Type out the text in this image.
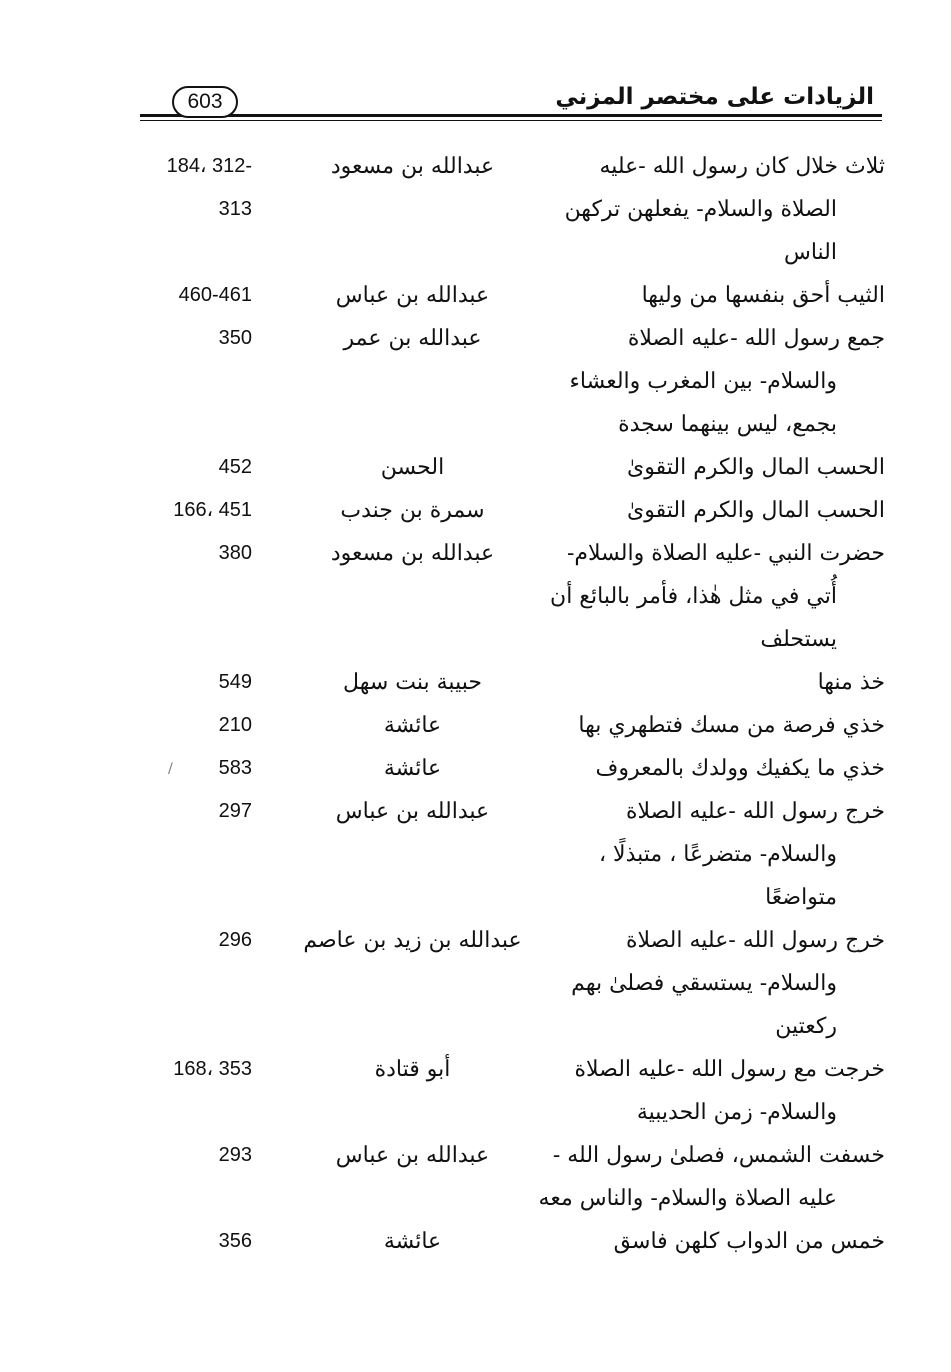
الزيادات على مختصر المزني
603
ثلاث خلال كان رسول الله -عليه
الصلاة والسلام- يفعلهن تركهن
الناس
عبدالله بن مسعود
184، 312-
313
الثيب أحق بنفسها من وليها
عبدالله بن عباس
460-461
جمع رسول الله -عليه الصلاة
والسلام- بين المغرب والعشاء
بجمع، ليس بينهما سجدة
عبدالله بن عمر
350
الحسب المال والكرم التقوىٰ
الحسن
452
الحسب المال والكرم التقوىٰ
سمرة بن جندب
166، 451
حضرت النبي -عليه الصلاة والسلام-
أُتي في مثل هٰذا، فأمر بالبائع أن
يستحلف
عبدالله بن مسعود
380
خذ منها
حبيبة بنت سهل
549
خذي فرصة من مسك فتطهري بها
عائشة
210
خذي ما يكفيك وولدك بالمعروف
عائشة
583
خرج رسول الله -عليه الصلاة
والسلام- متضرعًا ، متبذلًا ،
متواضعًا
عبدالله بن عباس
297
خرج رسول الله -عليه الصلاة
والسلام- يستسقي فصلىٰ بهم
ركعتين
عبدالله بن زيد بن عاصم
296
خرجت مع رسول الله -عليه الصلاة
والسلام- زمن الحديبية
أبو قتادة
168، 353
خسفت الشمس، فصلىٰ رسول الله -
عليه الصلاة والسلام- والناس معه
عبدالله بن عباس
293
خمس من الدواب كلهن فاسق
عائشة
356
/
